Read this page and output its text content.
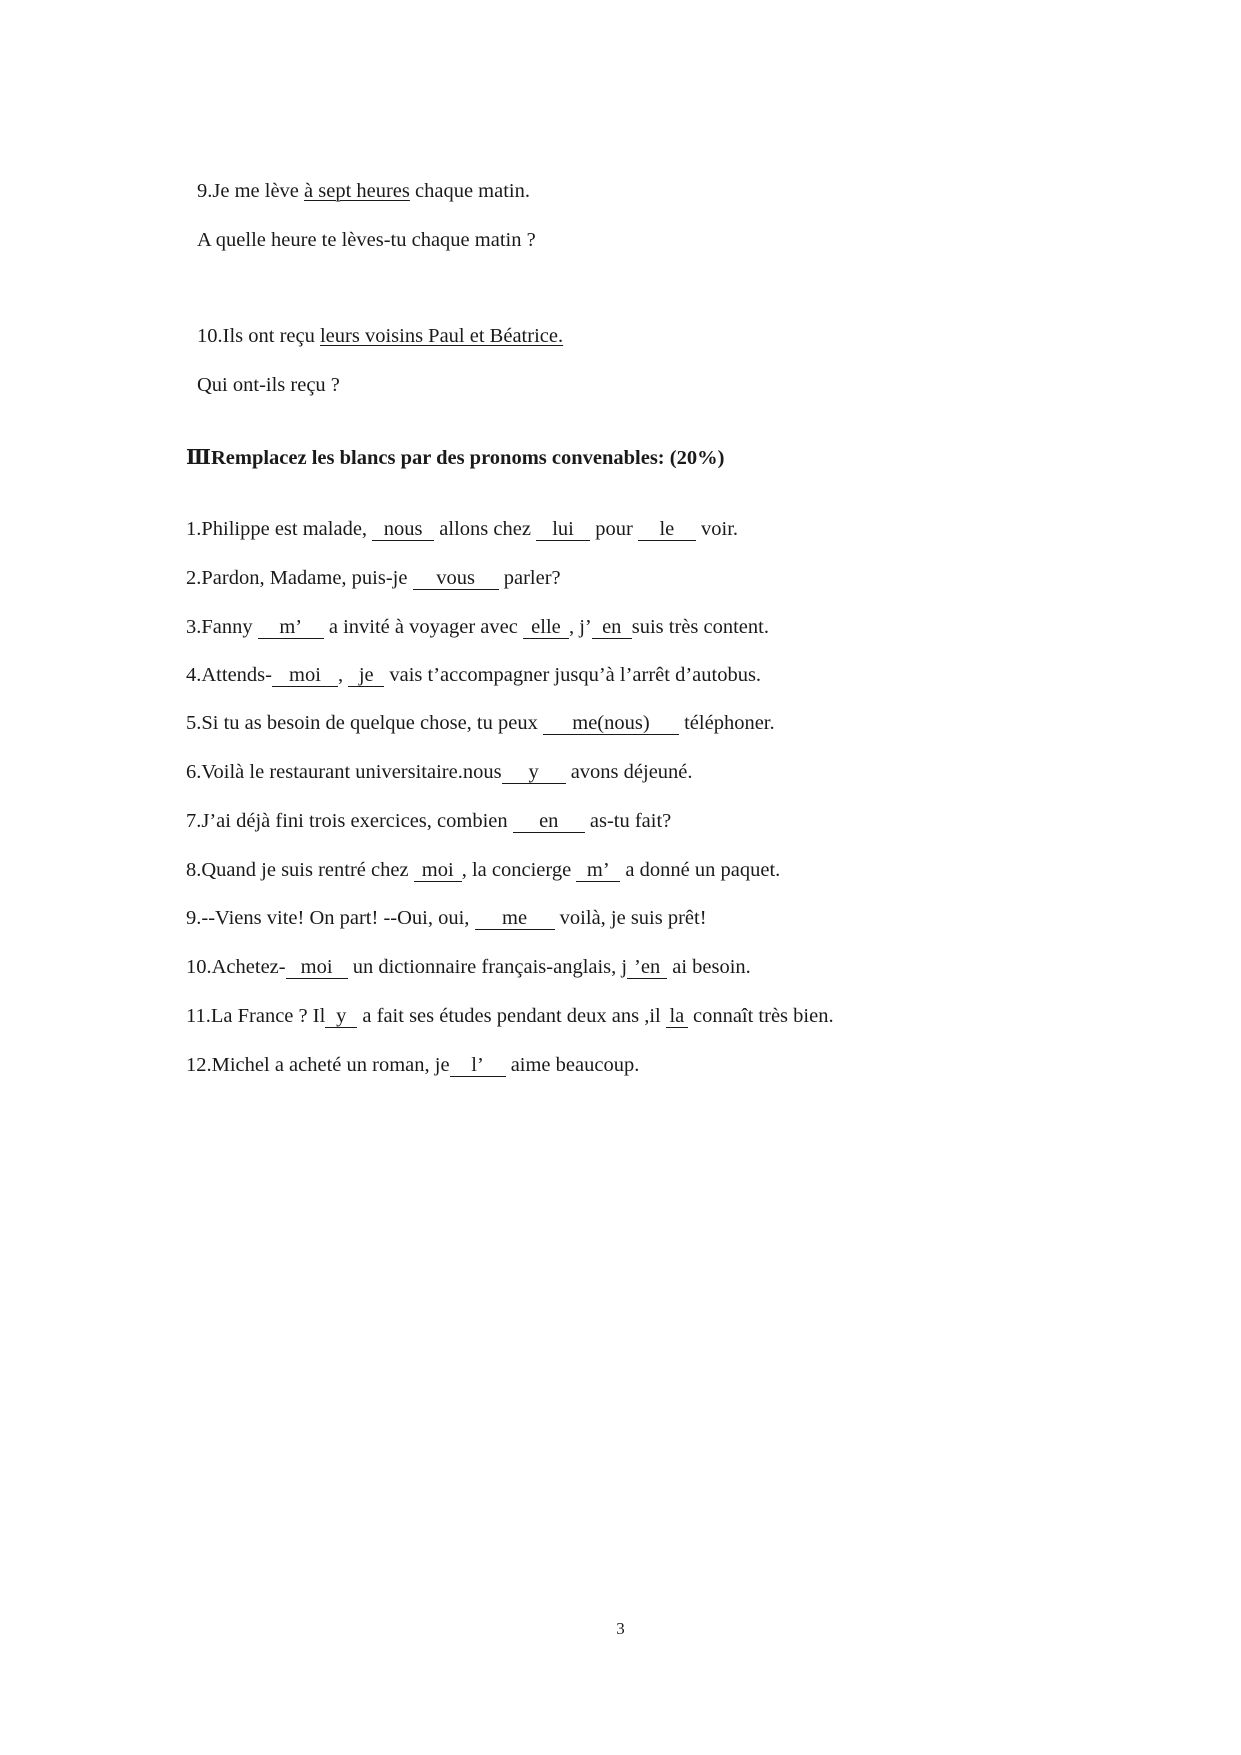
9.Je me lève à sept heures chaque matin.
A quelle heure te lèves-tu chaque matin ?
10.Ils ont reçu leurs voisins Paul et Béatrice.
Qui ont-ils reçu ?
ⅢRemplacez les blancs par des pronoms convenables: (20%)
1.Philippe est malade, nous allons chez lui pour le voir.
2.Pardon, Madame, puis-je vous parler?
3.Fanny m’ a invité à voyager avec elle , j’ en suis très content.
4.Attends- moi , je vais t’accompagner jusqu’à l’arrêt d’autobus.
5.Si tu as besoin de quelque chose, tu peux me(nous) téléphoner.
6.Voilà le restaurant universitaire.nous y avons déjeuné.
7.J’ai déjà fini trois exercices, combien en as-tu fait?
8.Quand je suis rentré chez moi , la concierge m’ a donné un paquet.
9.--Viens vite! On part! --Oui, oui, me voilà, je suis prêt!
10.Achetez- moi un dictionnaire français-anglais, j ’en ai besoin.
11.La France ? Il y a fait ses études pendant deux ans ,il la connaît très bien.
12.Michel a acheté un roman, je l’ aime beaucoup.
3
